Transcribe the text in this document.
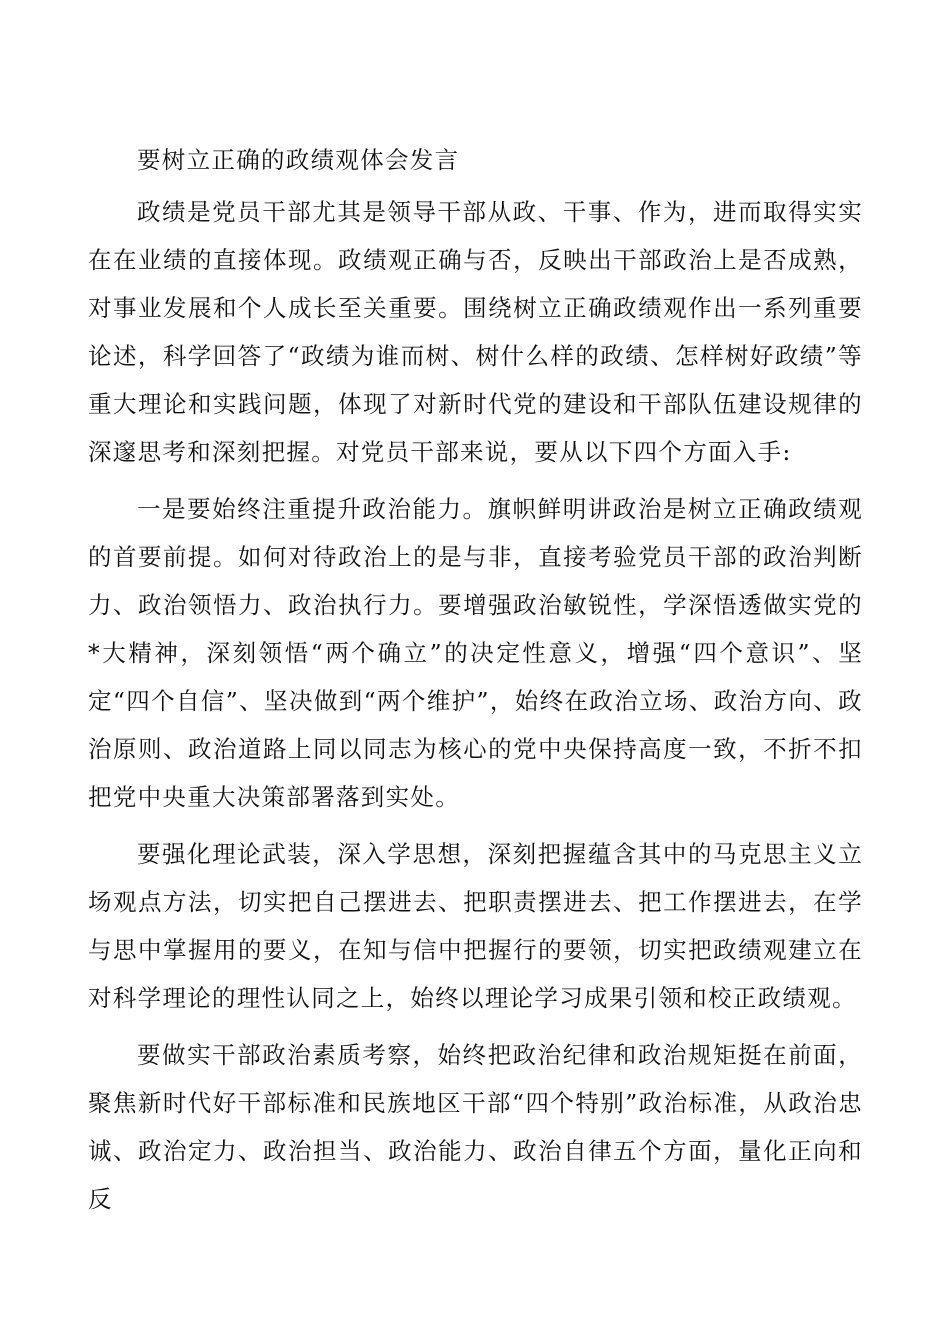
要树立正确的政绩观体会发言

政绩是党员干部尤其是领导干部从政、干事、作为，进而取得实实在在业绩的直接体现。政绩观正确与否，反映出干部政治上是否成熟，对事业发展和个人成长至关重要。围绕树立正确政绩观作出一系列重要论述，科学回答了“政绩为谁而树、树什么样的政绩、怎样树好政绩”等重大理论和实践问题，体现了对新时代党的建设和干部队伍建设规律的深邃思考和深刻把握。对党员干部来说，要从以下四个方面入手:

一是要始终注重提升政治能力。旗帜鲜明讲政治是树立正确政绩观的首要前提。如何对待政治上的是与非，直接考验党员干部的政治判断力、政治领悟力、政治执行力。要增强政治敏锐性，学深悟透做实党的*大精神，深刻领悟“两个确立”的决定性意义，增强“四个意识”、坚定“四个自信”、坚决做到“两个维护”，始终在政治立场、政治方向、政治原则、政治道路上同以同志为核心的党中央保持高度一致，不折不扣把党中央重大决策部署落到实处。

要强化理论武装，深入学思想，深刻把握蕴含其中的马克思主义立场观点方法，切实把自己摆进去、把职责摆进去、把工作摆进去，在学与思中掌握用的要义，在知与信中把握行的要领，切实把政绩观建立在对科学理论的理性认同之上，始终以理论学习成果引领和校正政绩观。

要做实干部政治素质考察，始终把政治纪律和政治规矩挺在前面，聚焦新时代好干部标准和民族地区干部“四个特别”政治标准，从政治忠诚、政治定力、政治担当、政治能力、政治自律五个方面，量化正向和反
